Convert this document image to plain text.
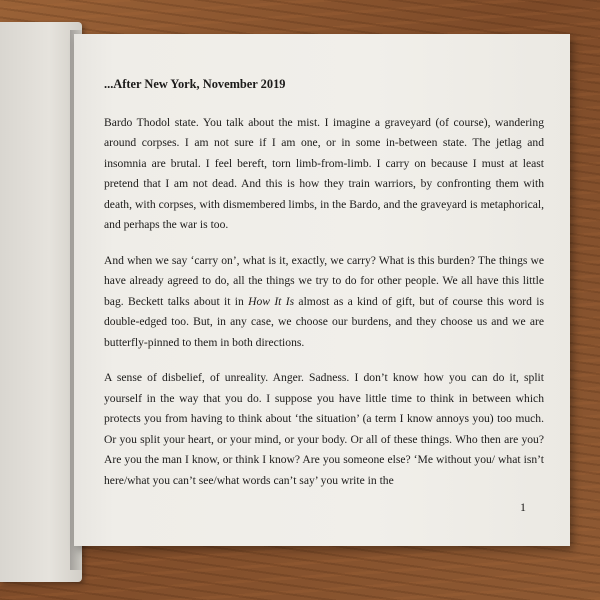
...After New York, November 2019

Bardo Thodol state. You talk about the mist. I imagine a graveyard (of course), wandering around corpses. I am not sure if I am one, or in some in-between state. The jetlag and insomnia are brutal. I feel bereft, torn limb-from-limb. I carry on because I must at least pretend that I am not dead. And this is how they train warriors, by confronting them with death, with corpses, with dismembered limbs, in the Bardo, and the graveyard is metaphorical, and perhaps the war is too.

And when we say ‘carry on’, what is it, exactly, we carry? What is this burden? The things we have already agreed to do, all the things we try to do for other people. We all have this little bag. Beckett talks about it in How It Is almost as a kind of gift, but of course this word is double-edged too. But, in any case, we choose our burdens, and they choose us and we are butterfly-pinned to them in both directions.

A sense of disbelief, of unreality. Anger. Sadness. I don’t know how you can do it, split yourself in the way that you do. I suppose you have little time to think in between which protects you from having to think about ‘the situation’ (a term I know annoys you) too much. Or you split your heart, or your mind, or your body. Or all of these things. Who then are you? Are you the man I know, or think I know? Are you someone else? ‘Me without you/ what isn’t here/what you can’t see/what words can’t say’ you write in the

1
